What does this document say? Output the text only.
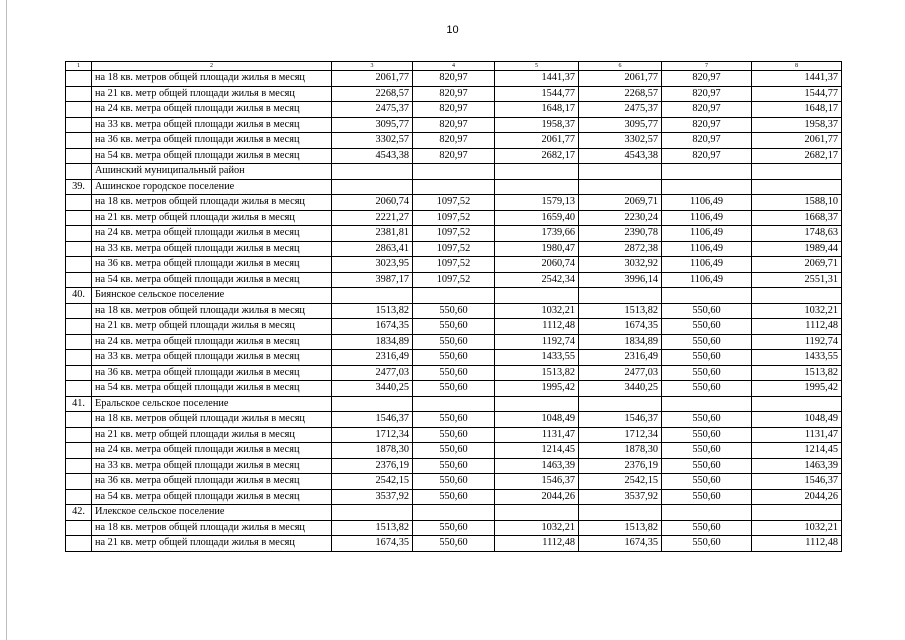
10
1	2	3	4	5	6	7	8
	на 18 кв. метров общей площади жилья в месяц	2061,77	820,97	1441,37	2061,77	820,97	1441,37
	на 21 кв. метр общей площади жилья в месяц	2268,57	820,97	1544,77	2268,57	820,97	1544,77
	на 24 кв. метра общей площади жилья в месяц	2475,37	820,97	1648,17	2475,37	820,97	1648,17
	на 33 кв. метра общей площади жилья в месяц	3095,77	820,97	1958,37	3095,77	820,97	1958,37
	на 36 кв. метра общей площади жилья в месяц	3302,57	820,97	2061,77	3302,57	820,97	2061,77
	на 54 кв. метра общей площади жилья в месяц	4543,38	820,97	2682,17	4543,38	820,97	2682,17
	Ашинский муниципальный район						
39.	Ашинское городское поселение						
	на 18 кв. метров общей площади жилья в месяц	2060,74	1097,52	1579,13	2069,71	1106,49	1588,10
	на 21 кв. метр общей площади жилья в месяц	2221,27	1097,52	1659,40	2230,24	1106,49	1668,37
	на 24 кв. метра общей площади жилья в месяц	2381,81	1097,52	1739,66	2390,78	1106,49	1748,63
	на 33 кв. метра общей площади жилья в месяц	2863,41	1097,52	1980,47	2872,38	1106,49	1989,44
	на 36 кв. метра общей площади жилья в месяц	3023,95	1097,52	2060,74	3032,92	1106,49	2069,71
	на 54 кв. метра общей площади жилья в месяц	3987,17	1097,52	2542,34	3996,14	1106,49	2551,31
40.	Биянское сельское поселение						
	на 18 кв. метров общей площади жилья в месяц	1513,82	550,60	1032,21	1513,82	550,60	1032,21
	на 21 кв. метр общей площади жилья в месяц	1674,35	550,60	1112,48	1674,35	550,60	1112,48
	на 24 кв. метра общей площади жилья в месяц	1834,89	550,60	1192,74	1834,89	550,60	1192,74
	на 33 кв. метра общей площади жилья в месяц	2316,49	550,60	1433,55	2316,49	550,60	1433,55
	на 36 кв. метра общей площади жилья в месяц	2477,03	550,60	1513,82	2477,03	550,60	1513,82
	на 54 кв. метра общей площади жилья в месяц	3440,25	550,60	1995,42	3440,25	550,60	1995,42
41.	Еральское сельское поселение						
	на 18 кв. метров общей площади жилья в месяц	1546,37	550,60	1048,49	1546,37	550,60	1048,49
	на 21 кв. метр общей площади жилья в месяц	1712,34	550,60	1131,47	1712,34	550,60	1131,47
	на 24 кв. метра общей площади жилья в месяц	1878,30	550,60	1214,45	1878,30	550,60	1214,45
	на 33 кв. метра общей площади жилья в месяц	2376,19	550,60	1463,39	2376,19	550,60	1463,39
	на 36 кв. метра общей площади жилья в месяц	2542,15	550,60	1546,37	2542,15	550,60	1546,37
	на 54 кв. метра общей площади жилья в месяц	3537,92	550,60	2044,26	3537,92	550,60	2044,26
42.	Илекское сельское поселение						
	на 18 кв. метров общей площади жилья в месяц	1513,82	550,60	1032,21	1513,82	550,60	1032,21
	на 21 кв. метр общей площади жилья в месяц	1674,35	550,60	1112,48	1674,35	550,60	1112,48
